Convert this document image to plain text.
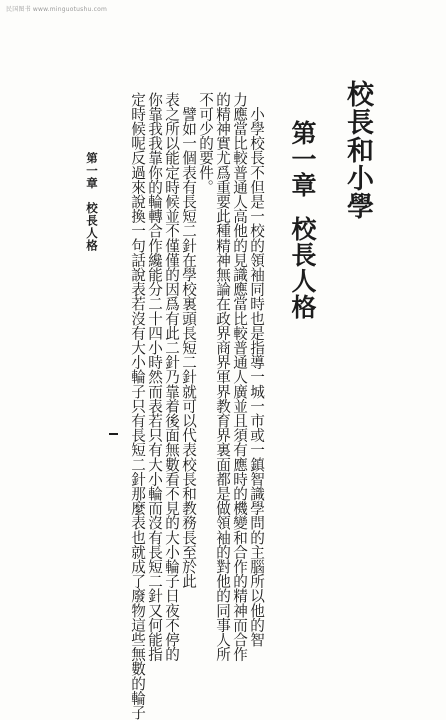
民国图书 www.minguotushu.com
校長和小學
第一章校長人格
　小學校長不但是一校的領袖同時也是指導一城一市或一鎮智識學問的主腦所以他的智
力應當比較普通人高他的見識應當比較普通人廣並且須有應時的機變和合作的精神而合作
的精神實尤爲重要此種精神無論在政界商界軍界教育界裏面都是做領袖的對他的同事人所
不可少的要件。
　譬如一個表有長短二針在學校裏頭長短二針就可以代表校長和教務長至於此
表之所以能定時候並不僅僅的因爲有此二針乃靠着後面無數看不見的大小輪子日夜不停的
你靠我我靠你的輪轉合作纔能分二十四小時然而表若只有大小輪而沒有長短二針又何能指
定時候呢反過來說換一句話說表若沒有大小輪子只有長短二針那麼表也就成了廢物這些無數的輪子
第一章　校長人格
